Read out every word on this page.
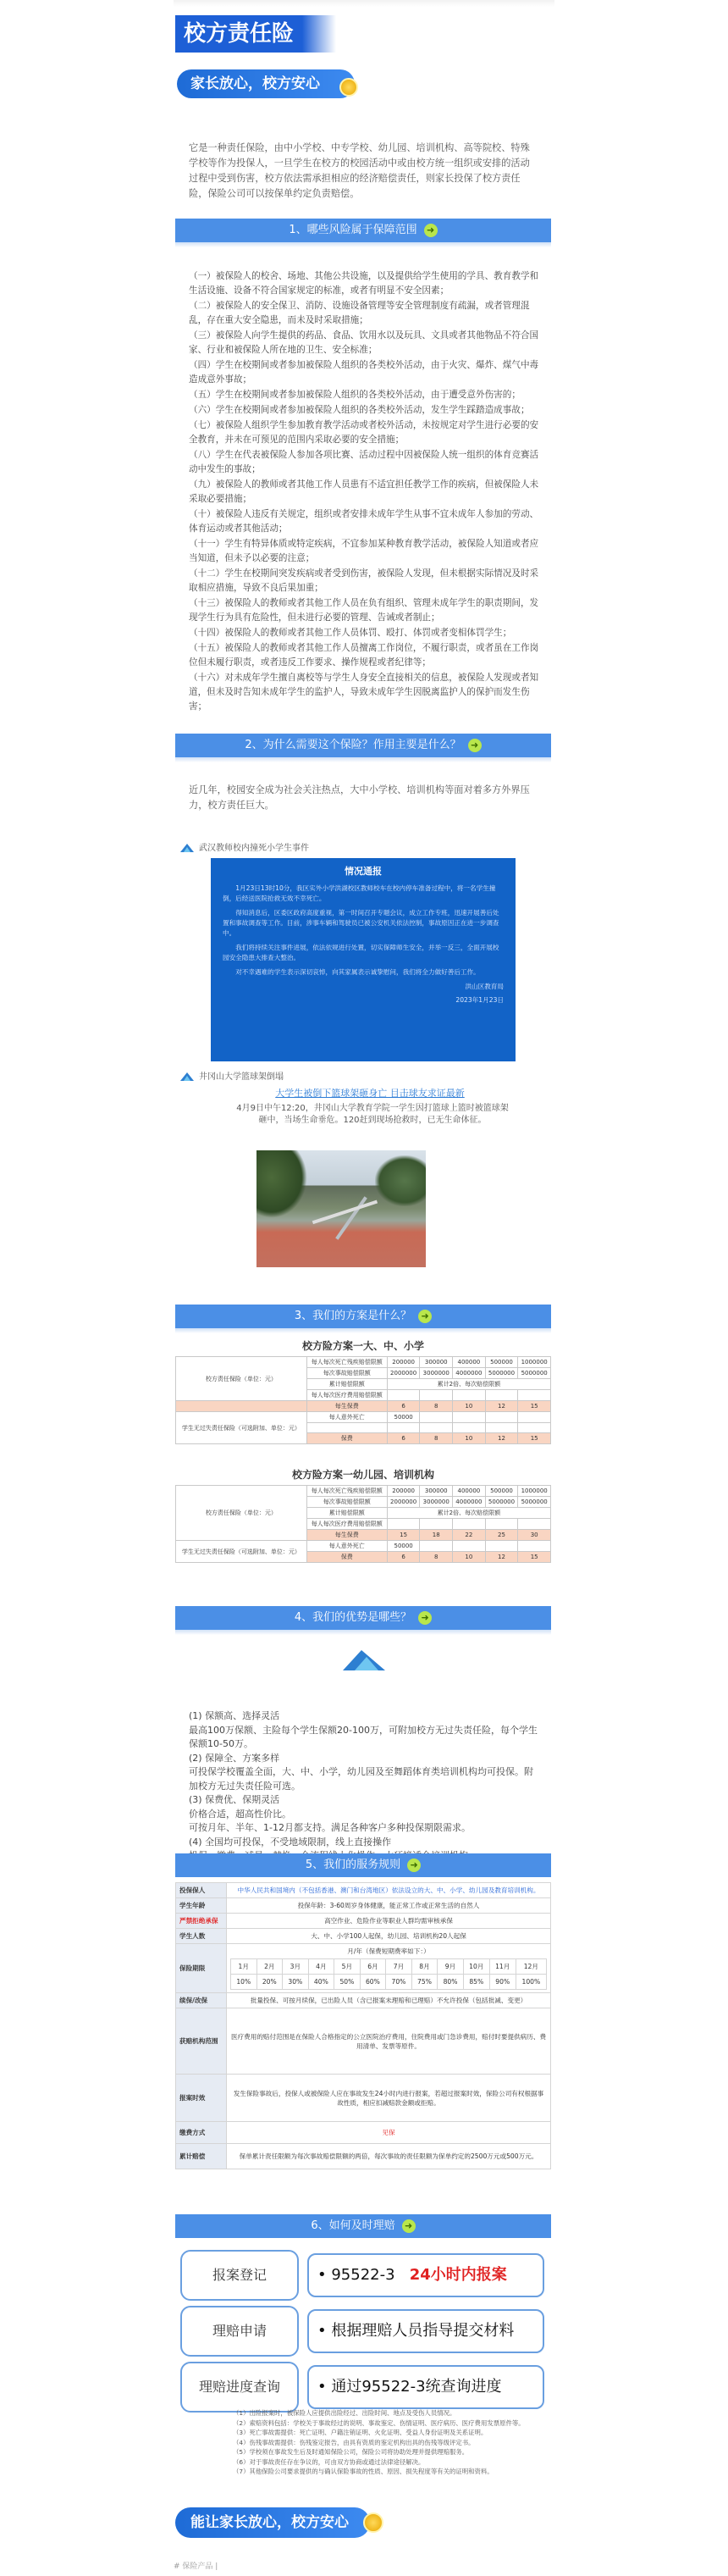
校方责任险
家长放心，校方安心
它是一种责任保险，由中小学校、中专学校、幼儿园、培训机构、高等院校、特殊学校等作为投保人，一旦学生在校方的校园活动中或由校方统一组织或安排的活动过程中受到伤害，校方依法需承担相应的经济赔偿责任，则家长投保了校方责任险，保险公司可以按保单约定负责赔偿。
1、哪些风险属于保障范围 ➜

（一）被保险人的校舍、场地、其他公共设施，以及提供给学生使用的学具、教育教学和生活设施、设备不符合国家规定的标准，或者有明显不安全因素；

（二）被保险人的安全保卫、消防、设施设备管理等安全管理制度有疏漏，或者管理混乱，存在重大安全隐患，而未及时采取措施；

（三）被保险人向学生提供的药品、食品、饮用水以及玩具、文具或者其他物品不符合国家、行业和被保险人所在地的卫生、安全标准；

（四）学生在校期间或者参加被保险人组织的各类校外活动，由于火灾、爆炸、煤气中毒造成意外事故；

（五）学生在校期间或者参加被保险人组织的各类校外活动，由于遭受意外伤害的；

（六）学生在校期间或者参加被保险人组织的各类校外活动，发生学生踩踏造成事故；

（七）被保险人组织学生参加教育教学活动或者校外活动，未按规定对学生进行必要的安全教育，并未在可预见的范围内采取必要的安全措施；

（八）学生在代表被保险人参加各项比赛、活动过程中因被保险人统一组织的体育竞赛活动中发生的事故；

（九）被保险人的教师或者其他工作人员患有不适宜担任教学工作的疾病，但被保险人未采取必要措施；

（十）被保险人违反有关规定，组织或者安排未成年学生从事不宜未成年人参加的劳动、体育运动或者其他活动；

（十一）学生有特异体质或特定疾病，不宜参加某种教育教学活动，被保险人知道或者应当知道，但未予以必要的注意；

（十二）学生在校期间突发疾病或者受到伤害，被保险人发现，但未根据实际情况及时采取相应措施，导致不良后果加重；

（十三）被保险人的教师或者其他工作人员在负有组织、管理未成年学生的职责期间，发现学生行为具有危险性，但未进行必要的管理、告诫或者制止；

（十四）被保险人的教师或者其他工作人员体罚、殴打、体罚或者变相体罚学生；

（十五）被保险人的教师或者其他工作人员擅离工作岗位，不履行职责，或者虽在工作岗位但未履行职责，或者违反工作要求、操作规程或者纪律等；

（十六）对未成年学生擅自离校等与学生人身安全直接相关的信息，被保险人发现或者知道，但未及时告知未成年学生的监护人，导致未成年学生因脱离监护人的保护而发生伤害；

2、为什么需要这个保险？作用主要是什么？ ➜
近几年，校园安全成为社会关注热点，大中小学校、培训机构等面对着多方外界压力，校方责任巨大。
武汉教师校内撞死小学生事件
情况通报

1月23日13时10分，我区实外小学洪湖校区教师校车在校内停车准备过程中，将一名学生撞倒，后经送医院抢救无效不幸死亡。

得知消息后，区委区政府高度重视，第一时间召开专题会议，成立工作专班，迅速开展善后处置和事故调查等工作。目前，涉事车辆和驾驶员已被公安机关依法控制，事故原因正在进一步调查中。

我们将持续关注事件进展，依法依规进行处置，切实保障师生安全，并举一反三，全面开展校园安全隐患大排查大整治。

对不幸遇难的学生表示深切哀悼，向其家属表示诚挚慰问，我们将全力做好善后工作。

洪山区教育局
2023年1月23日
井冈山大学篮球架倒塌
大学生被倒下篮球架砸身亡 目击球友求证最新
4月9日中午12:20，井冈山大学教育学院一学生因打篮球上篮时被篮球架砸中，当场生命垂危。120赶到现场抢救时，已无生命体征。
3、我们的方案是什么？ ➜
校方险方案一大、中、小学
校方责任保险（单位：元）	每人每次死亡残疾赔偿限额	200000	300000	400000	500000	1000000
	每次事故赔偿限额	2000000	3000000	4000000	5000000	5000000
	累计赔偿限额	累计2倍、每次赔偿限额				
	每人每次医疗费用赔偿限额					
	每生保费	6	8	10	12	15
学生无过失责任保险（可选附加、单位：元）	每人意外死亡	50000				

	保费	6	8	10	12	15
校方险方案一幼儿园、培训机构
校方责任保险（单位：元）	每人每次死亡残疾赔偿限额	200000	300000	400000	500000	1000000
	每次事故赔偿限额	2000000	3000000	4000000	5000000	5000000
	累计赔偿限额	累计2倍、每次赔偿限额				
	每人每次医疗费用赔偿限额					
	每生保费	15	18	22	25	30
学生无过失责任保险（可选附加、单位：元）	每人意外死亡	50000				
	保费	6	8	10	12	15
4、我们的优势是哪些？ ➜

(1) 保额高、选择灵活

最高100万保额、主险每个学生保额20-100万，可附加校方无过失责任险，每个学生保额10-50万。

(2) 保障全、方案多样

可投保学校覆盖全面，大、中、小学，幼儿园及至舞蹈体育类培训机构均可投保。附加校方无过失责任险可选。

(3) 保费优、保期灵活

价格合适，超高性价比。

可按月年、半年、1-12月都支持。满足各种客户多种投保期限需求。

(4) 全国均可投保，不受地域限制，线上直接操作

5、我们的服务规则 ➜
投保保人	中华人民共和国境内（不包括香港、澳门和台湾地区）依法设立的大、中、小学、幼儿园及教育培训机构。
学生年龄	投保年龄：3-60周岁身体健康，能正常工作或正常生活的自然人
严禁拒绝承保	高空作业、危险作业等职业人群均需审核承保
学生人数	大、中、小学100人起保，幼儿园、培训机构20人起保
保险期限	
月/年（保费短期费率如下：）
1月	2月	3月	4月	5月	6月	7月	8月	9月	10月	11月	12月
10%	20%	30%	40%	50%	60%	70%	75%	80%	85%	90%	100%

续保/改保	批量投保、可按月续保，已出险人员（含已报案未理赔和已理赔）不允许投保（包括批减、变更）
获赔机构范围	医疗费用的赔付范围是在保险人合格指定的公立医院治疗费用，住院费用或门急诊费用，赔付时要提供病历、费用清单、发票等原件。
报案时效	发生保险事故后，投保人或被保险人应在事故发生24小时内进行报案，若超过报案时效，保险公司有权根据事故性质，相应扣减赔款金额或拒赔。
缴费方式	见保
累计赔偿	保单累计责任限额为每次事故赔偿限额的两倍，每次事故的责任限额为保单约定的2500万元或500万元。
6、如何及时理赔 ➜
报案登记	• 95522-3 24小时内报案
理赔申请	• 根据理赔人员指导提交材料
理赔进度查询	• 通过95522-3统查询进度

（1）出险报案时，被保险人应提供出险经过、出险时间、地点及受伤人员情况。

（2）索赔资料包括：学校关于事故经过的说明、事故鉴定、伤情证明、医疗病历、医疗费用发票原件等。

（3）死亡事故需提供：死亡证明、户籍注销证明、火化证明、受益人身份证明及关系证明。

（4）伤残事故需提供：伤残鉴定报告，由具有资质的鉴定机构出具的伤残等级评定书。

（5）学校须在事故发生后及时通知保险公司，保险公司将协助处理并提供理赔服务。

（6）对于事故责任存在争议的，可由双方协商或通过法律途径解决。

（7）其他保险公司要求提供的与确认保险事故的性质、原因、损失程度等有关的证明和资料。

能让家长放心，校方安心
# 保险产品 |
